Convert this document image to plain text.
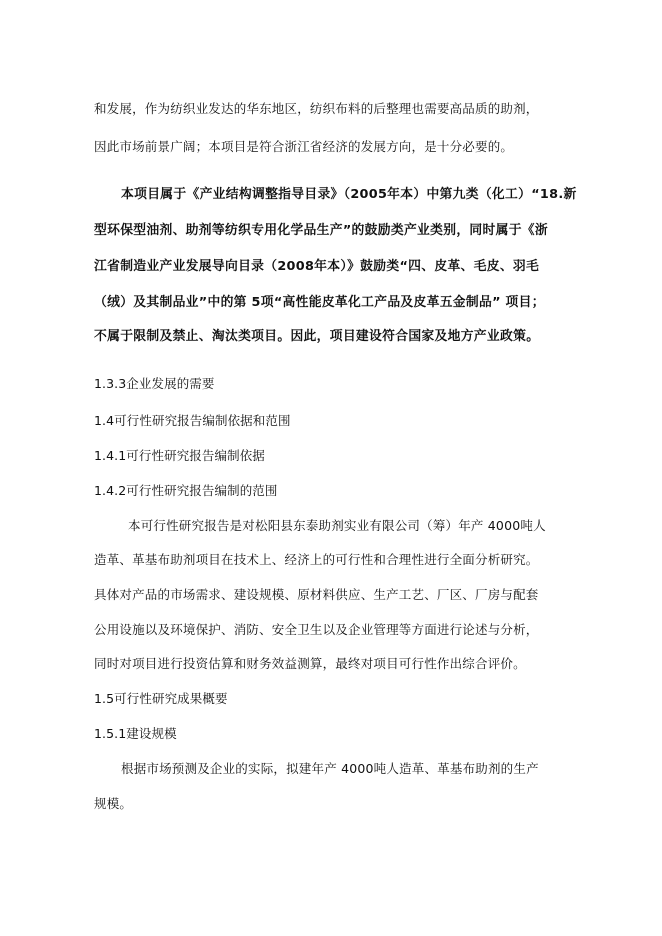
和发展，作为纺织业发达的华东地区，纺织布料的后整理也需要高品质的助剂，
因此市场前景广阔；本项目是符合浙江省经济的发展方向，是十分必要的。
本项目属于《产业结构调整指导目录》（2005年本）中第九类（化工）“18.新
型环保型油剂、助剂等纺织专用化学品生产”的鼓励类产业类别，同时属于《浙
江省制造业产业发展导向目录（2008年本）》鼓励类“四、皮革、毛皮、羽毛
（绒）及其制品业”中的第 5项“高性能皮革化工产品及皮革五金制品” 项目；
不属于限制及禁止、淘汰类项目。因此，项目建设符合国家及地方产业政策。
1.3.3企业发展的需要
1.4可行性研究报告编制依据和范围
1.4.1可行性研究报告编制依据
1.4.2可行性研究报告编制的范围
本可行性研究报告是对松阳县东泰助剂实业有限公司（筹）年产 4000吨人
造革、革基布助剂项目在技术上、经济上的可行性和合理性进行全面分析研究。
具体对产品的市场需求、建设规模、原材料供应、生产工艺、厂区、厂房与配套
公用设施以及环境保护、消防、安全卫生以及企业管理等方面进行论述与分析，
同时对项目进行投资估算和财务效益测算，最终对项目可行性作出综合评价。
1.5可行性研究成果概要
1.5.1建设规模
根据市场预测及企业的实际，拟建年产 4000吨人造革、革基布助剂的生产
规模。
